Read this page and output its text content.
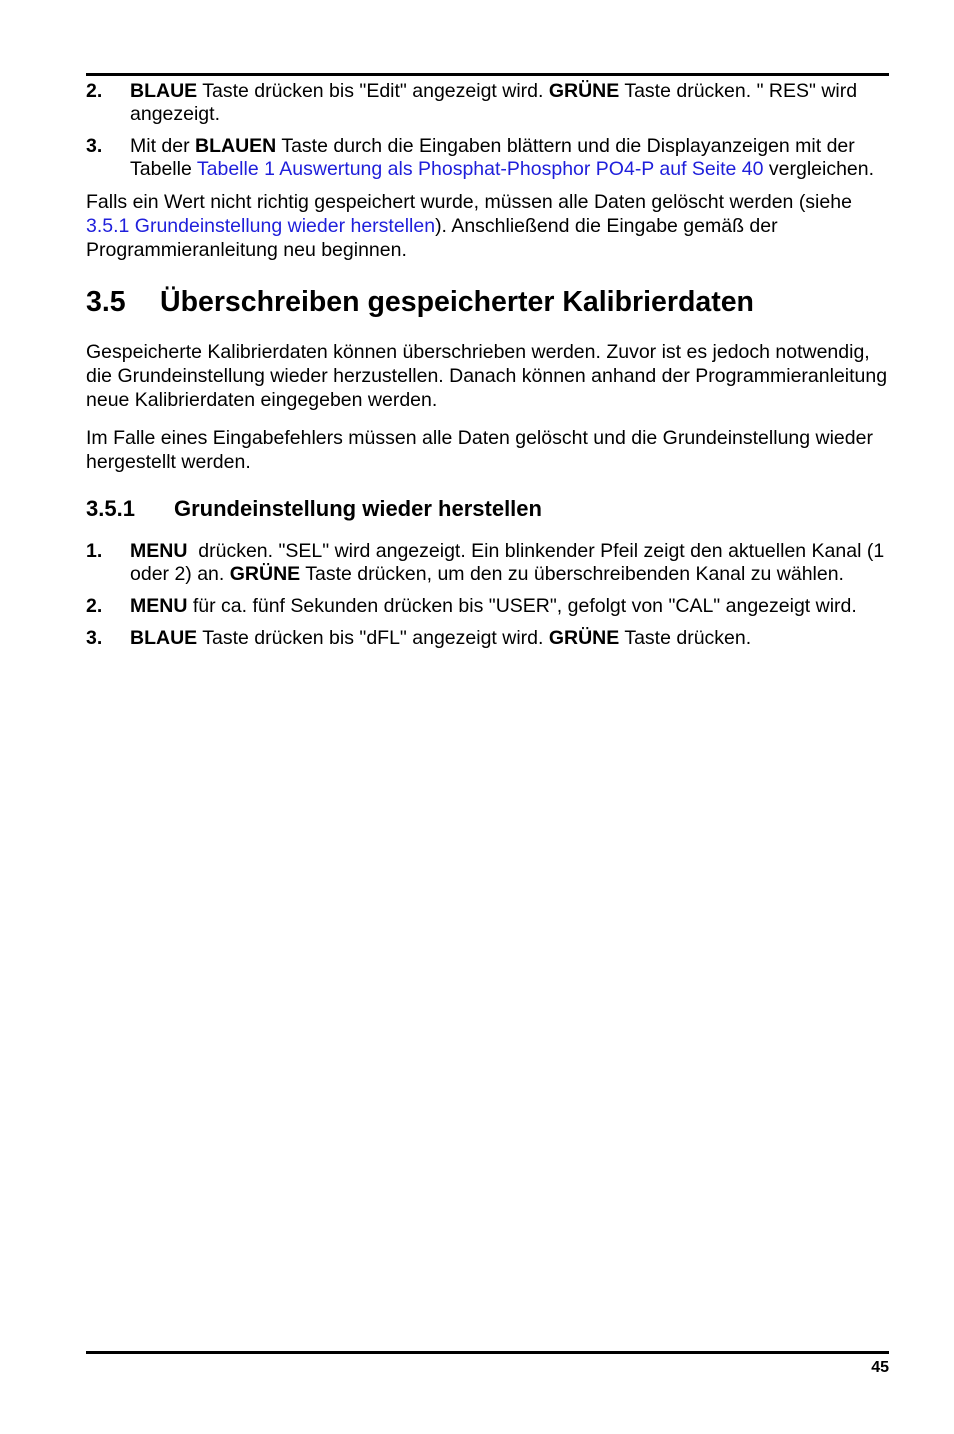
2.	BLAUE Taste drücken bis "Edit" angezeigt wird. GRÜNE Taste drücken. " RES" wird angezeigt.
3.	Mit der BLAUEN Taste durch die Eingaben blättern und die Displayanzeigen mit der Tabelle Tabelle 1 Auswertung als Phosphat-Phosphor PO4-P auf Seite 40 vergleichen.

Falls ein Wert nicht richtig gespeichert wurde, müssen alle Daten gelöscht werden (siehe 3.5.1 Grundeinstellung wieder herstellen). Anschließend die Eingabe gemäß der Programmieranleitung neu beginnen.

3.5 Überschreiben gespeicherter Kalibrierdaten

Gespeicherte Kalibrierdaten können überschrieben werden. Zuvor ist es jedoch notwendig, die Grundeinstellung wieder herzustellen. Danach können anhand der Programmieranleitung neue Kalibrierdaten eingegeben werden.

Im Falle eines Eingabefehlers müssen alle Daten gelöscht und die Grundeinstellung wieder hergestellt werden.

3.5.1 Grundeinstellung wieder herstellen
1.	MENU  drücken. "SEL" wird angezeigt. Ein blinkender Pfeil zeigt den aktuellen Kanal (1 oder 2) an. GRÜNE Taste drücken, um den zu überschreibenden Kanal zu wählen.
2.	MENU für ca. fünf Sekunden drücken bis "USER", gefolgt von "CAL" angezeigt wird.
3.	BLAUE Taste drücken bis "dFL" angezeigt wird. GRÜNE Taste drücken.
45
